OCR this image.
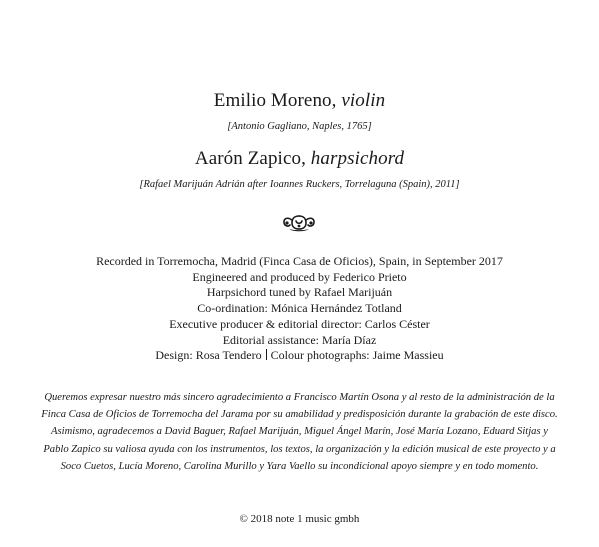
Emilio Moreno, violin
[Antonio Gagliano, Naples, 1765]
Aarón Zapico, harpsichord
[Rafael Marijuán Adrián after Ioannes Ruckers, Torrelaguna (Spain), 2011]
Recorded in Torremocha, Madrid (Finca Casa de Oficios), Spain, in September 2017
Engineered and produced by Federico Prieto
Harpsichord tuned by Rafael Marijuán
Co-ordination: Mónica Hernández Totland
Executive producer & editorial director: Carlos Céster
Editorial assistance: María Díaz
Design: Rosa Tendero Colour photographs: Jaime Massieu
Queremos expresar nuestro más sincero agradecimiento a Francisco Martín Osona y al resto de la administración de la
Finca Casa de Oficios de Torremocha del Jarama por su amabilidad y predisposición durante la grabación de este disco.
Asimismo, agradecemos a David Baguer, Rafael Marijuán, Miguel Ángel Marín, José María Lozano, Eduard Sitjas y
Pablo Zapico su valiosa ayuda con los instrumentos, los textos, la organización y la edición musical de este proyecto y a
Soco Cuetos, Lucía Moreno, Carolina Murillo y Yara Vaello su incondicional apoyo siempre y en todo momento.
© 2018 note 1 music gmbh
